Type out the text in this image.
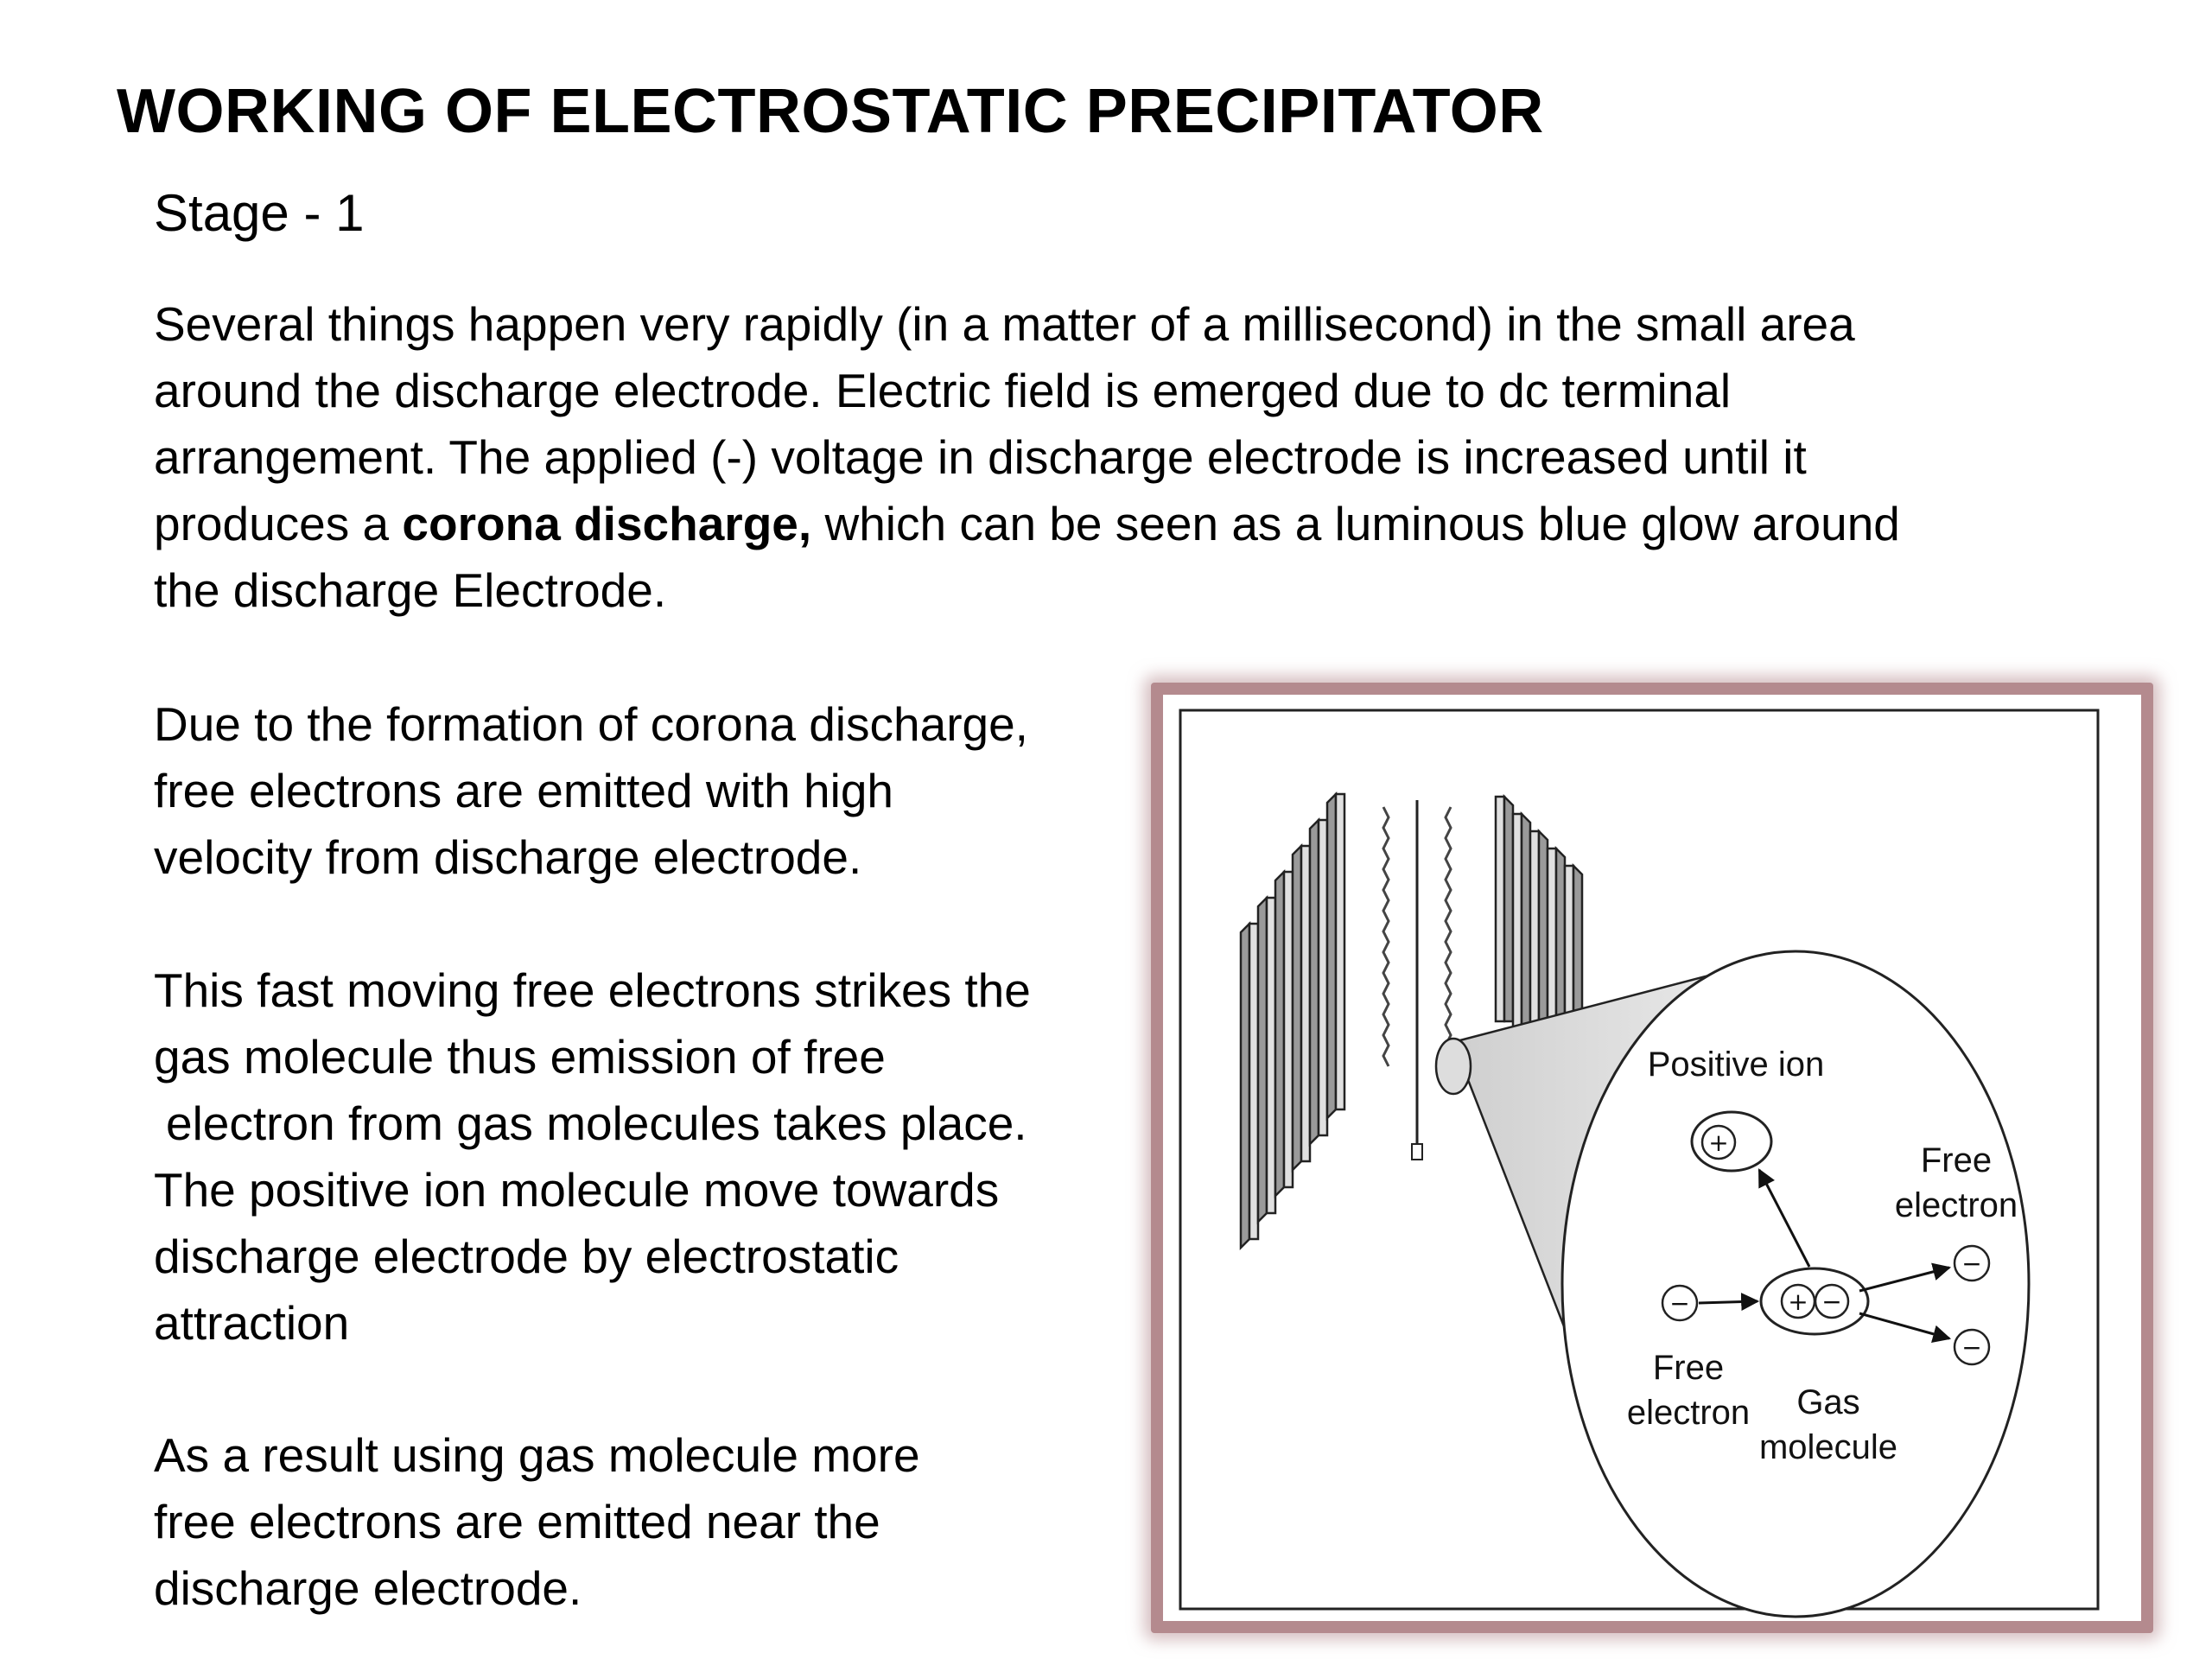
WORKING OF ELECTROSTATIC PRECIPITATOR

Stage - 1

Several things happen very rapidly (in a matter of a millisecond) in the small area
around the discharge electrode. Electric field is emerged due to dc terminal
arrangement. The applied (-) voltage in discharge electrode is increased until it
produces a corona discharge, which can be seen as a luminous blue glow around
the discharge Electrode.
Due to the formation of corona discharge,
free electrons are emitted with high
velocity from discharge electrode.
This fast moving free electrons strikes the
gas molecule thus emission of free
electron from gas molecules takes place.
The positive ion molecule move towards
discharge electrode by electrostatic
attraction
As a result using gas molecule more
free electrons are emitted near the
discharge electrode.
+
Positive ion
+ −
Gas
molecule
−
Free
electron
−
−
Free
electron
